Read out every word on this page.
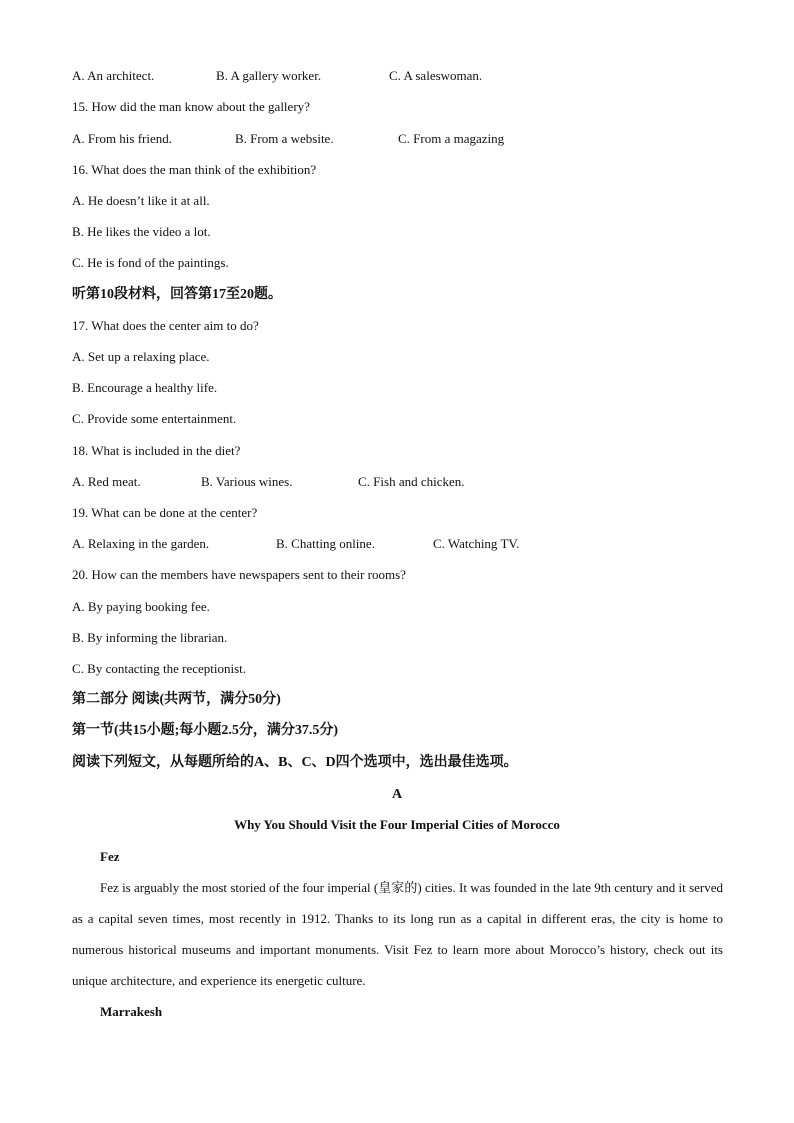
A. An architect.	B. A gallery worker.	C. A saleswoman.
15. How did the man know about the gallery?
A. From his friend.	B. From a website.	C. From a magazing
16. What does the man think of the exhibition?
A. He doesn’t like it at all.
B. He likes the video a lot.
C. He is fond of the paintings.
听第10段材料，回答第17至20题。
17. What does the center aim to do?
A. Set up a relaxing place.
B. Encourage a healthy life.
C. Provide some entertainment.
18. What is included in the diet?
A. Red meat.	B. Various wines.	C. Fish and chicken.
19. What can be done at the center?
A. Relaxing in the garden.	B. Chatting online.	C. Watching TV.
20. How can the members have newspapers sent to their rooms?
A. By paying booking fee.
B. By informing the librarian.
C. By contacting the receptionist.
第二部分 阅读(共两节，满分50分)
第一节(共15小题;每小题2.5分，满分37.5分)
阅读下列短文，从每题所给的A、B、C、D四个选项中，选出最佳选项。
A
Why You Should Visit the Four Imperial Cities of Morocco
Fez
Fez is arguably the most storied of the four imperial (皇家的) cities. It was founded in the late 9th century and it served as a capital seven times, most recently in 1912. Thanks to its long run as a capital in different eras, the city is home to numerous historical museums and important monuments. Visit Fez to learn more about Morocco’s history, check out its unique architecture, and experience its energetic culture.
Marrakesh
